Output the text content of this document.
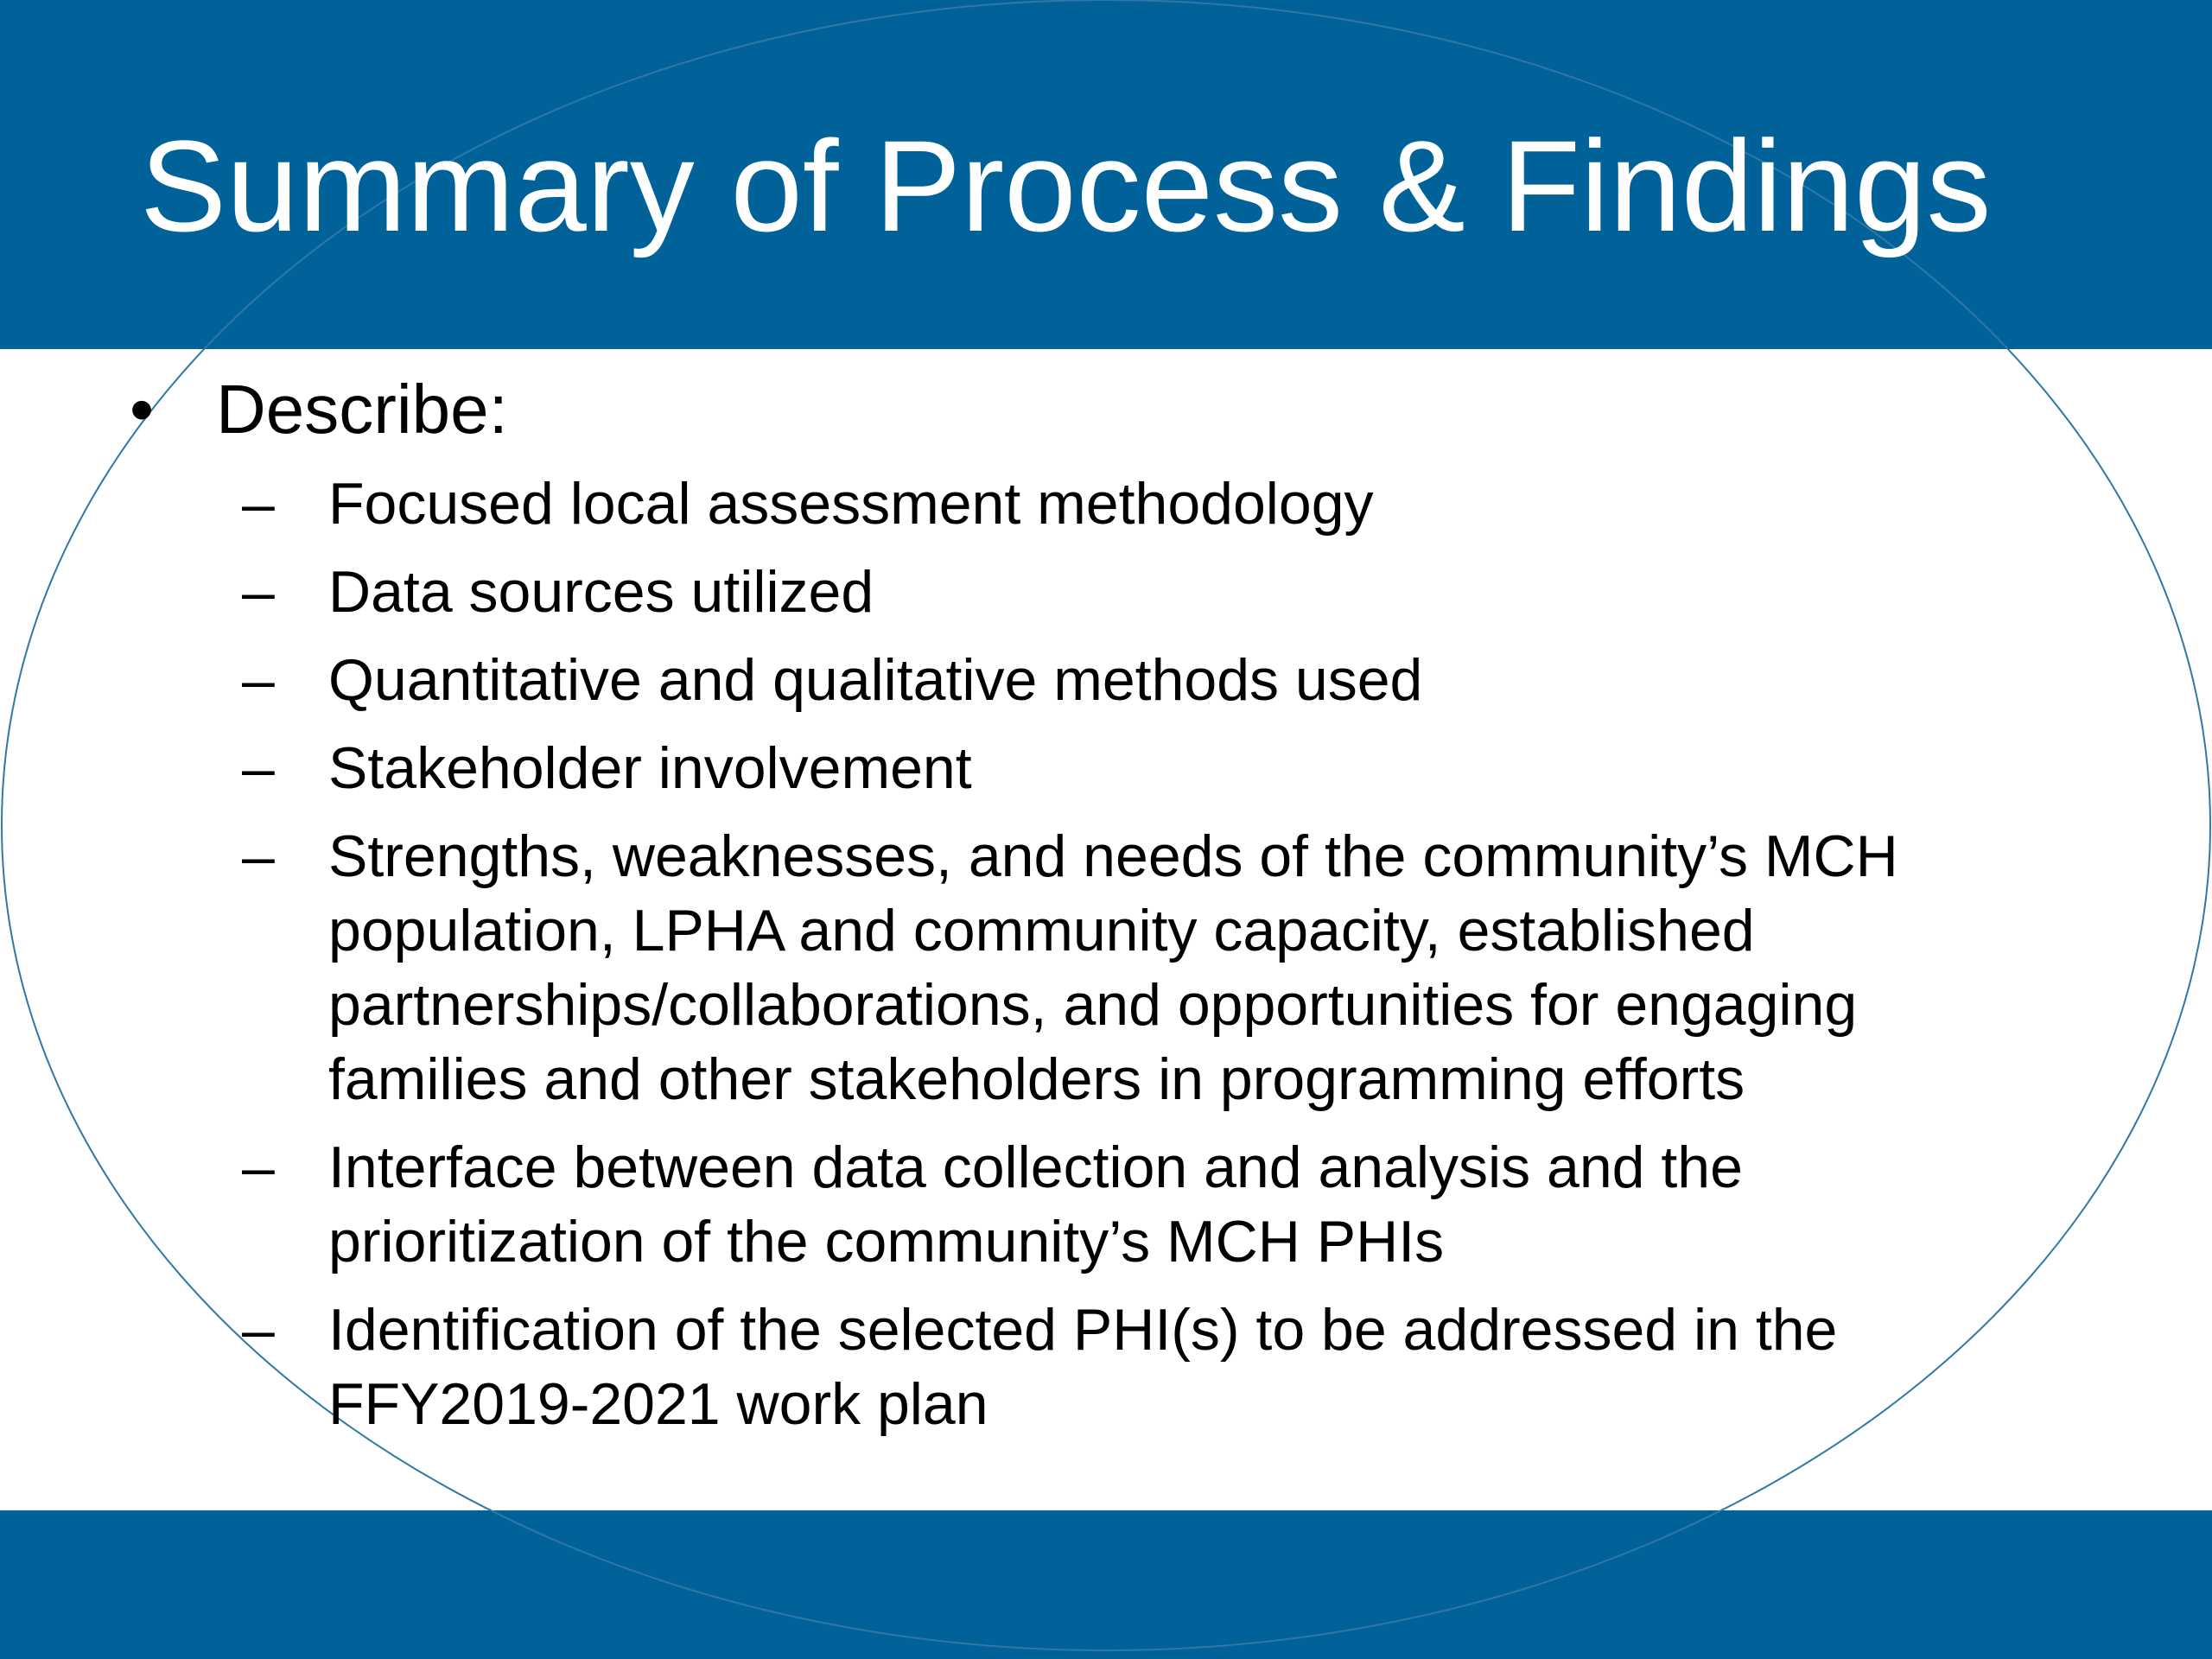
Summary of Process & Findings
• Describe:
– Focused local assessment methodology
– Data sources utilized
– Quantitative and qualitative methods used
– Stakeholder involvement
– Strengths, weaknesses, and needs of the community’s MCH population, LPHA and community capacity, established partnerships/collaborations, and opportunities for engaging families and other stakeholders in programming efforts
– Interface between data collection and analysis and the prioritization of the community’s MCH PHIs
– Identification of the selected PHI(s) to be addressed in the FFY2019-2021 work plan
